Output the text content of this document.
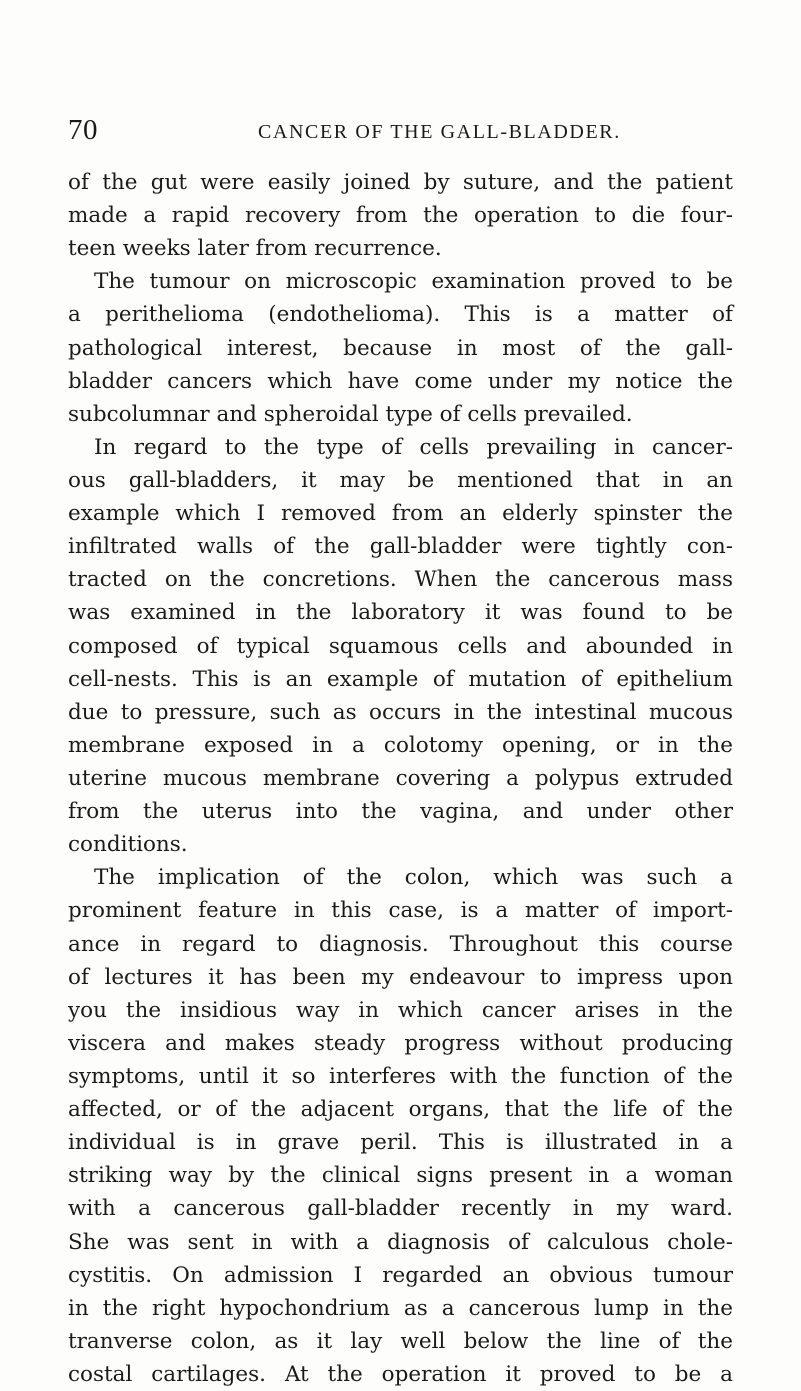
70	CANCER OF THE GALL-BLADDER.
of the gut were easily joined by suture, and the patient
made a rapid recovery from the operation to die four-
teen weeks later from recurrence.
The tumour on microscopic examination proved to be
a perithelioma (endothelioma). This is a matter of
pathological interest, because in most of the gall-
bladder cancers which have come under my notice the
subcolumnar and spheroidal type of cells prevailed.
In regard to the type of cells prevailing in cancer-
ous gall-bladders, it may be mentioned that in an
example which I removed from an elderly spinster the
infiltrated walls of the gall-bladder were tightly con-
tracted on the concretions. When the cancerous mass
was examined in the laboratory it was found to be
composed of typical squamous cells and abounded in
cell-nests. This is an example of mutation of epithelium
due to pressure, such as occurs in the intestinal mucous
membrane exposed in a colotomy opening, or in the
uterine mucous membrane covering a polypus extruded
from the uterus into the vagina, and under other
conditions.
The implication of the colon, which was such a
prominent feature in this case, is a matter of import-
ance in regard to diagnosis. Throughout this course
of lectures it has been my endeavour to impress upon
you the insidious way in which cancer arises in the
viscera and makes steady progress without producing
symptoms, until it so interferes with the function of the
affected, or of the adjacent organs, that the life of the
individual is in grave peril. This is illustrated in a
striking way by the clinical signs present in a woman
with a cancerous gall-bladder recently in my ward.
She was sent in with a diagnosis of calculous chole-
cystitis. On admission I regarded an obvious tumour
in the right hypochondrium as a cancerous lump in the
tranverse colon, as it lay well below the line of the
costal cartilages. At the operation it proved to be a
